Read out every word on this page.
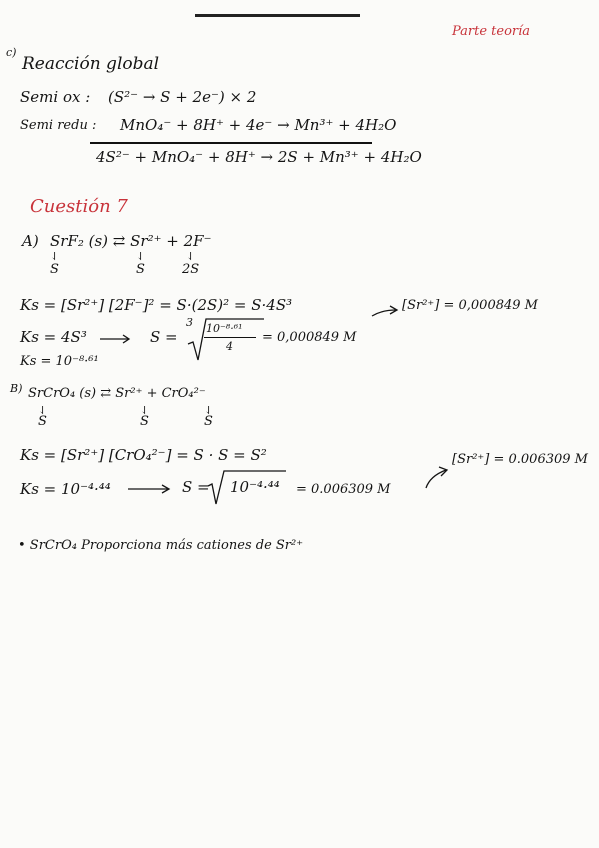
Parte teoría
c)
Reacción global
Semi ox : (S²⁻ → S + 2e⁻) × 2
Semi redu : MnO₄⁻ + 8H⁺ + 4e⁻ → Mn³⁺ + 4H₂O
4S²⁻ + MnO₄⁻ + 8H⁺ → 2S + Mn³⁺ + 4H₂O
Cuestión 7
A) SrF₂ (s) ⇄ Sr²⁺ + 2F⁻
⇃
S
⇃
S
⇃
2S
Ks = [Sr²⁺] [2F⁻]² = S·(2S)² = S·4S³
Ks = 4S³	S =
3 10⁻⁸·⁶¹
4
= 0,000849 M
Ks = 10⁻⁸·⁶¹
[Sr²⁺] = 0,000849 M
B) SrCrO₄ (s) ⇄ Sr²⁺ + CrO₄²⁻
⇃
S
⇃
S
⇃
S
Ks = [Sr²⁺] [CrO₄²⁻] = S · S = S²
Ks = 10⁻⁴·⁴⁴	S = 10⁻⁴·⁴⁴ = 0.006309 M
[Sr²⁺] = 0.006309 M
• SrCrO₄ Proporciona más cationes de Sr²⁺
